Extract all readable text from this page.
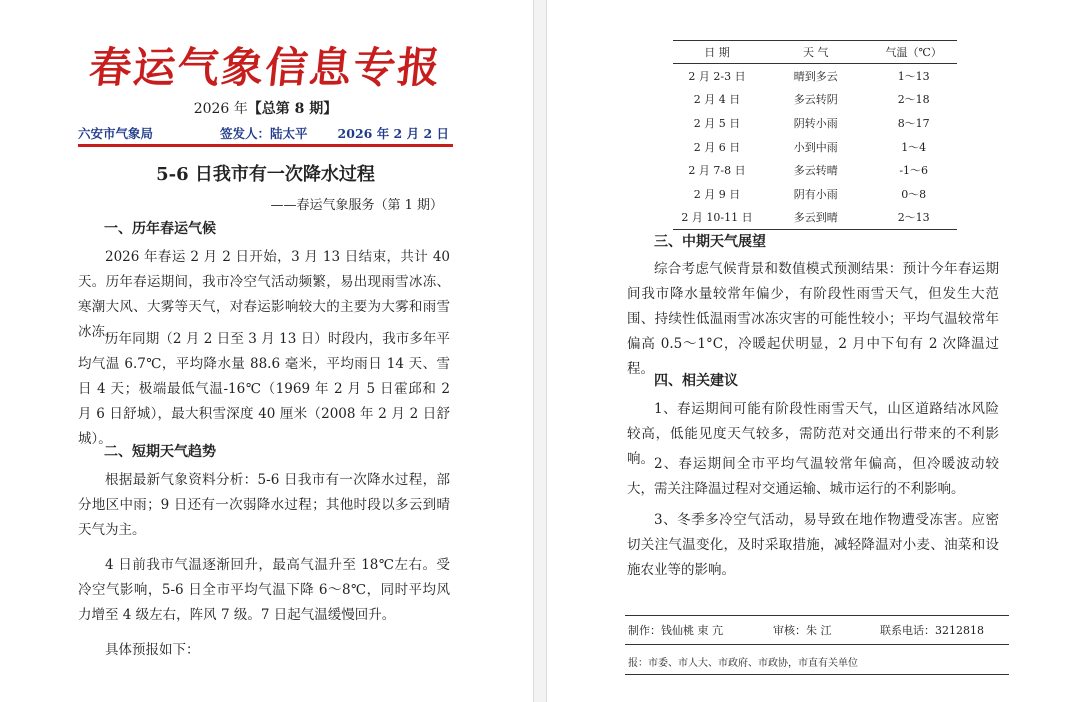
春运气象信息专报
2026 年【总第 8 期】
六安市气象局	签发人：陆太平 2026 年 2 月 2 日
5-6 日我市有一次降水过程
——春运气象服务（第 1 期）
一、历年春运气候
2026 年春运 2 月 2 日开始，3 月 13 日结束，共计 40 天。历年春运期间，我市冷空气活动频繁，易出现雨雪冰冻、寒潮大风、大雾等天气，对春运影响较大的主要为大雾和雨雪冰冻。
历年同期（2 月 2 日至 3 月 13 日）时段内，我市多年平均气温 6.7℃，平均降水量 88.6 毫米，平均雨日 14 天、雪日 4 天；极端最低气温-16℃（1969 年 2 月 5 日霍邱和 2 月 6 日舒城），最大积雪深度 40 厘米（2008 年 2 月 2 日舒城）。
二、短期天气趋势
根据最新气象资料分析：5-6 日我市有一次降水过程，部分地区中雨；9 日还有一次弱降水过程；其他时段以多云到晴天气为主。
4 日前我市气温逐渐回升，最高气温升至 18℃左右。受冷空气影响，5-6 日全市平均气温下降 6～8℃，同时平均风力增至 4 级左右，阵风 7 级。7 日起气温缓慢回升。
具体预报如下：
日 期	天 气	气温（℃）
2 月 2-3 日	晴到多云	1～13
2 月 4 日	多云转阴	2～18
2 月 5 日	阴转小雨	8～17
2 月 6 日	小到中雨	1～4
2 月 7-8 日	多云转晴	-1～6
2 月 9 日	阴有小雨	0～8
2 月 10-11 日	多云到晴	2～13
三、中期天气展望
综合考虑气候背景和数值模式预测结果：预计今年春运期间我市降水量较常年偏少，有阶段性雨雪天气，但发生大范围、持续性低温雨雪冰冻灾害的可能性较小；平均气温较常年偏高 0.5～1°C，冷暖起伏明显，2 月中下旬有 2 次降温过程。
四、相关建议
1、春运期间可能有阶段性雨雪天气，山区道路结冰风险较高，低能见度天气较多，需防范对交通出行带来的不利影响。 2、春运期间全市平均气温较常年偏高，但冷暖波动较大，需关注降温过程对交通运输、城市运行的不利影响。
3、冬季多冷空气活动，易导致在地作物遭受冻害。应密切关注气温变化，及时采取措施，减轻降温对小麦、油菜和设施农业等的影响。
制作：钱仙桃 束 亢	审核：朱 江	联系电话：3212818
报：市委、市人大、市政府、市政协，市直有关单位
